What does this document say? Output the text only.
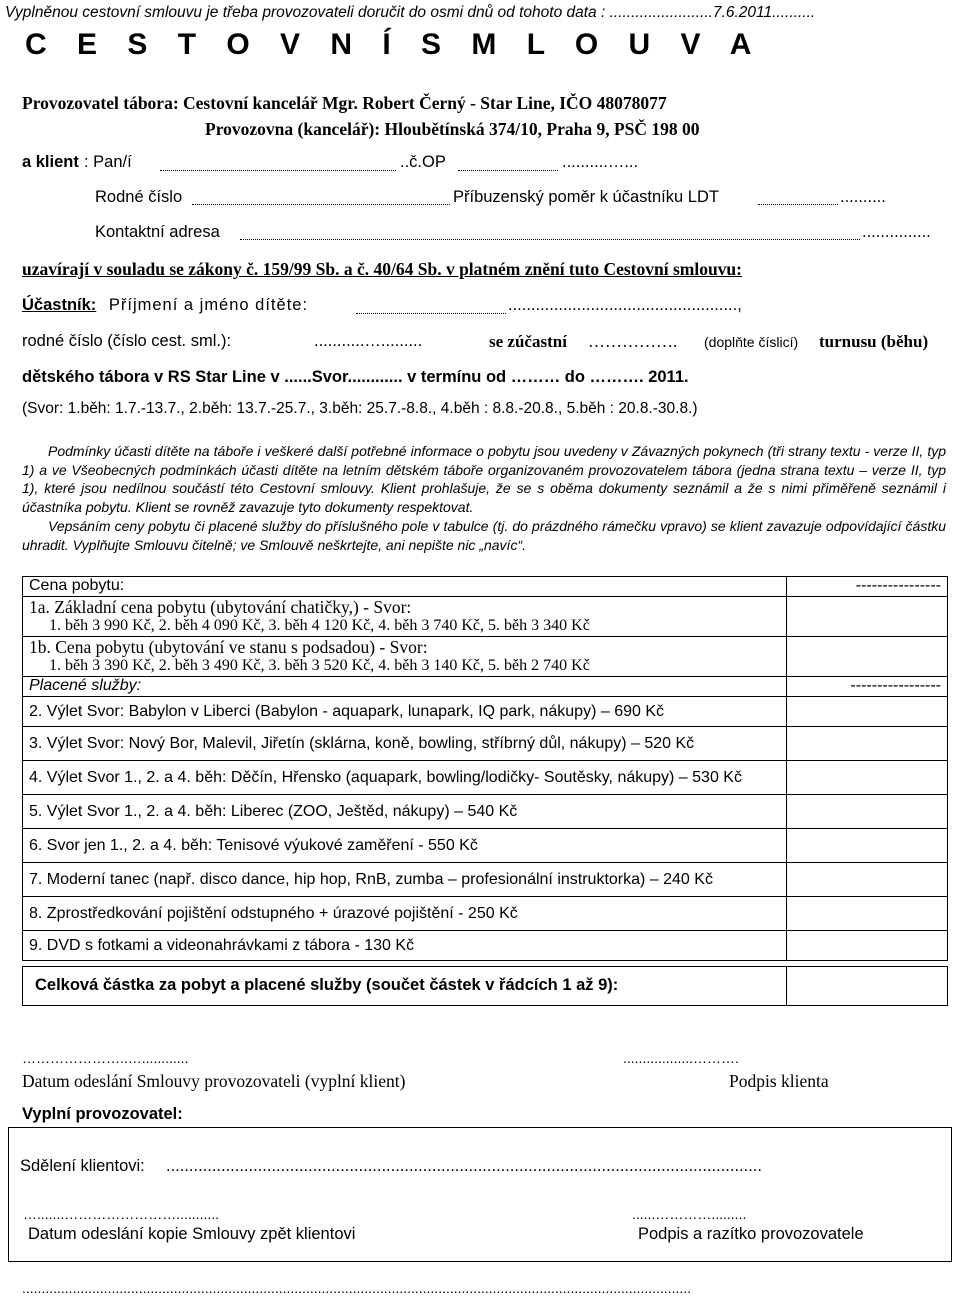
Vyplněnou cestovní smlouvu je třeba provozovateli doručit do osmi dnů od tohoto data : ........................7.6.2011..........
C E S T O V N Í S M L O U V A
Provozovatel tábora: Cestovní kancelář Mgr. Robert Černý - Star Line, IČO 48078077
Provozovna (kancelář): Hloubětínská 374/10, Praha 9, PSČ 198 00
a klient : Pan/í	..č.OP	..........…...
Rodné číslo	Příbuzenský poměr k účastníku LDT	..........
Kontaktní adresa	...............
uzavírají v souladu se zákony č. 159/99 Sb. a č. 40/64 Sb. v platném znění tuto Cestovní smlouvu:
Účastník: Příjmení a jméno dítěte:	..................................................,
rodné číslo (číslo cest. sml.):	...........….........	se zúčastní ……………. (doplňte číslicí) turnusu (běhu)
dětského tábora v RS Star Line v ......Svor............ v termínu od ……… do ………. 2011.
(Svor: 1.běh: 1.7.-13.7., 2.běh: 13.7.-25.7., 3.běh: 25.7.-8.8., 4.běh : 8.8.-20.8., 5.běh : 20.8.-30.8.)
Podmínky účasti dítěte na táboře i veškeré další potřebné informace o pobytu jsou uvedeny v Závazných pokynech (tři strany textu - verze II, typ 1) a ve Všeobecných podmínkách účasti dítěte na letním dětském táboře organizovaném provozovatelem tábora (jedna strana textu – verze II, typ 1), které jsou nedílnou součástí této Cestovní smlouvy. Klient prohlašuje, že se s oběma dokumenty seznámil a že s nimi přiměřeně seznámil i účastníka pobytu. Klient se rovněž zavazuje tyto dokumenty respektovat.
Vepsáním ceny pobytu či placené služby do příslušného pole v tabulce (tj. do prázdného rámečku vpravo) se klient zavazuje odpovídající částku uhradit. Vyplňujte Smlouvu čitelně; ve Smlouvě neškrtejte, ani nepište nic „navíc“.
Cena pobytu:	----------------

1a. Základní cena pobytu (ubytování chatičky,) - Svor:
1. běh 3 990 Kč, 2. běh 4 090 Kč, 3. běh 4 120 Kč, 4. běh 3 740 Kč, 5. běh 3 340 Kč	

1b. Cena pobytu (ubytování ve stanu s podsadou) - Svor:
1. běh 3 390 Kč, 2. běh 3 490 Kč, 3. běh 3 520 Kč, 4. běh 3 140 Kč, 5. běh 2 740 Kč	

Placené služby:	-----------------
2. Výlet Svor: Babylon v Liberci (Babylon - aquapark, lunapark, IQ park, nákupy) – 690 Kč	
3. Výlet Svor: Nový Bor, Malevil, Jiřetín (sklárna, koně, bowling, stříbrný důl, nákupy) – 520 Kč	
4. Výlet Svor 1., 2. a 4. běh: Děčín, Hřensko (aquapark, bowling/lodičky- Soutěsky, nákupy) – 530 Kč	
5. Výlet Svor 1., 2. a 4. běh: Liberec (ZOO, Ještěd, nákupy) – 540 Kč	
6. Svor jen 1., 2. a 4. běh: Tenisové výukové zaměření - 550 Kč	
7. Moderní tanec (např. disco dance, hip hop, RnB, zumba – profesionální instruktorka) – 240 Kč	
8. Zprostředkování pojištění odstupného + úrazové pojištění - 250 Kč	
9. DVD s fotkami a videonahrávkami z tábora - 130 Kč	
Celková částka za pobyt a placené služby (součet částek v řádcích 1 až 9):
…………………..…............	..................……….
Datum odeslání Smlouvy provozovateli (vyplní klient)	Podpis klienta
Vyplní provozovatel:
Sdělení klientovi: ..................................................................................................................................
….......……………………...........	......………….........
Datum odeslání kopie Smlouvy zpět klientovi	Podpis a razítko provozovatele
............................................................................................................................................................................
